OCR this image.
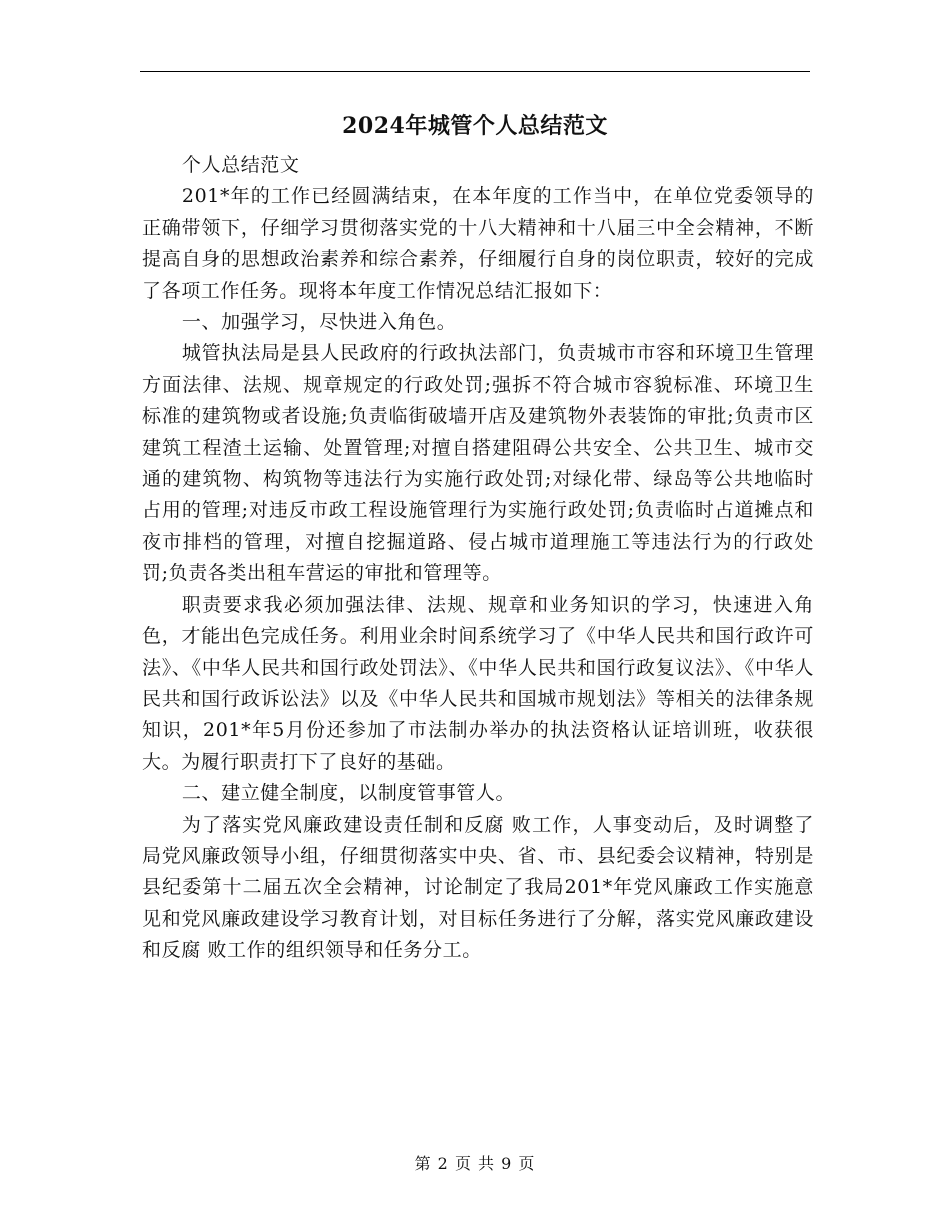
2024年城管个人总结范文

个人总结范文

201*年的工作已经圆满结束，在本年度的工作当中，在单位党委领导的正确带领下，仔细学习贯彻落实党的十八大精神和十八届三中全会精神，不断提高自身的思想政治素养和综合素养，仔细履行自身的岗位职责，较好的完成了各项工作任务。现将本年度工作情况总结汇报如下：

一、加强学习，尽快进入角色。

城管执法局是县人民政府的行政执法部门，负责城市市容和环境卫生管理方面法律、法规、规章规定的行政处罚;强拆不符合城市容貌标准、环境卫生标准的建筑物或者设施;负责临街破墙开店及建筑物外表装饰的审批;负责市区建筑工程渣土运输、处置管理;对擅自搭建阻碍公共安全、公共卫生、城市交通的建筑物、构筑物等违法行为实施行政处罚;对绿化带、绿岛等公共地临时占用的管理;对违反市政工程设施管理行为实施行政处罚;负责临时占道摊点和夜市排档的管理，对擅自挖掘道路、侵占城市道理施工等违法行为的行政处罚;负责各类出租车营运的审批和管理等。

职责要求我必须加强法律、法规、规章和业务知识的学习，快速进入角色，才能出色完成任务。利用业余时间系统学习了《中华人民共和国行政许可法》、《中华人民共和国行政处罚法》、《中华人民共和国行政复议法》、《中华人民共和国行政诉讼法》以及《中华人民共和国城市规划法》等相关的法律条规知识，201*年5月份还参加了市法制办举办的执法资格认证培训班，收获很大。为履行职责打下了良好的基础。

二、建立健全制度，以制度管事管人。

为了落实党风廉政建设责任制和反腐 败工作，人事变动后，及时调整了局党风廉政领导小组，仔细贯彻落实中央、省、市、县纪委会议精神，特别是县纪委第十二届五次全会精神，讨论制定了我局201*年党风廉政工作实施意见和党风廉政建设学习教育计划，对目标任务进行了分解，落实党风廉政建设和反腐 败工作的组织领导和任务分工。

第 2 页 共 9 页
